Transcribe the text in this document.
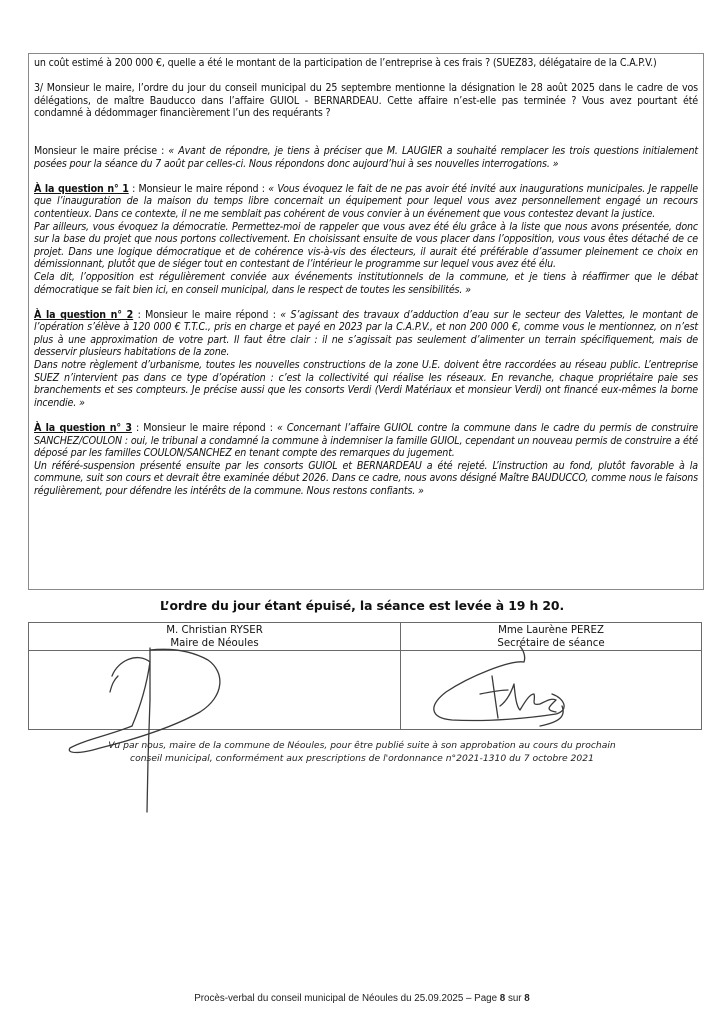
un coût estimé à 200 000 €, quelle a été le montant de la participation de l’entreprise à ces frais ? (SUEZ83, délégataire de la C.A.P.V.)

3/ Monsieur le maire, l’ordre du jour du conseil municipal du 25 septembre mentionne la désignation le 28 août 2025 dans le cadre de vos délégations, de maître Bauducco dans l’affaire GUIOL - BERNARDEAU. Cette affaire n’est-elle pas terminée ? Vous avez pourtant été condamné à dédommager financièrement l’un des requérants ?

Monsieur le maire précise : « Avant de répondre, je tiens à préciser que M. LAUGIER a souhaité remplacer les trois questions initialement posées pour la séance du 7 août par celles-ci. Nous répondons donc aujourd’hui à ses nouvelles interrogations. »

À la question n° 1 : Monsieur le maire répond : « Vous évoquez le fait de ne pas avoir été invité aux inaugurations municipales. Je rappelle que l’inauguration de la maison du temps libre concernait un équipement pour lequel vous avez personnellement engagé un recours contentieux. Dans ce contexte, il ne me semblait pas cohérent de vous convier à un événement que vous contestez devant la justice.

Par ailleurs, vous évoquez la démocratie. Permettez-moi de rappeler que vous avez été élu grâce à la liste que nous avons présentée, donc sur la base du projet que nous portons collectivement. En choisissant ensuite de vous placer dans l’opposition, vous vous êtes détaché de ce projet. Dans une logique démocratique et de cohérence vis-à-vis des électeurs, il aurait été préférable d’assumer pleinement ce choix en démissionnant, plutôt que de siéger tout en contestant de l’intérieur le programme sur lequel vous avez été élu.

Cela dit, l’opposition est régulièrement conviée aux événements institutionnels de la commune, et je tiens à réaffirmer que le débat démocratique se fait bien ici, en conseil municipal, dans le respect de toutes les sensibilités. »

À la question n° 2 : Monsieur le maire répond : « S’agissant des travaux d’adduction d’eau sur le secteur des Valettes, le montant de l’opération s’élève à 120 000 € T.T.C., pris en charge et payé en 2023 par la C.A.P.V., et non 200 000 €, comme vous le mentionnez, on n’est plus à une approximation de votre part. Il faut être clair : il ne s’agissait pas seulement d’alimenter un terrain spécifiquement, mais de desservir plusieurs habitations de la zone.

Dans notre règlement d’urbanisme, toutes les nouvelles constructions de la zone U.E. doivent être raccordées au réseau public. L’entreprise SUEZ n’intervient pas dans ce type d’opération : c’est la collectivité qui réalise les réseaux. En revanche, chaque propriétaire paie ses branchements et ses compteurs. Je précise aussi que les consorts Verdi (Verdi Matériaux et monsieur Verdi) ont financé eux-mêmes la borne incendie. »

À la question n° 3 : Monsieur le maire répond : « Concernant l’affaire GUIOL contre la commune dans le cadre du permis de construire SANCHEZ/COULON : oui, le tribunal a condamné la commune à indemniser la famille GUIOL, cependant un nouveau permis de construire a été déposé par les familles COULON/SANCHEZ en tenant compte des remarques du jugement.

Un référé-suspension présenté ensuite par les consorts GUIOL et BERNARDEAU a été rejeté. L’instruction au fond, plutôt favorable à la commune, suit son cours et devrait être examinée début 2026. Dans ce cadre, nous avons désigné Maître BAUDUCCO, comme nous le faisons régulièrement, pour défendre les intérêts de la commune. Nous restons confiants. »

L’ordre du jour étant épuisé, la séance est levée à 19 h 20.
M. Christian RYSER
Maire de Néoules
Mme Laurène PEREZ
Secrétaire de séance
Vu par nous, maire de la commune de Néoules, pour être publié suite à son approbation au cours du prochain
conseil municipal, conformément aux prescriptions de l'ordonnance n°2021-1310 du 7 octobre 2021
Procès-verbal du conseil municipal de Néoules du 25.09.2025 – Page 8 sur 8
